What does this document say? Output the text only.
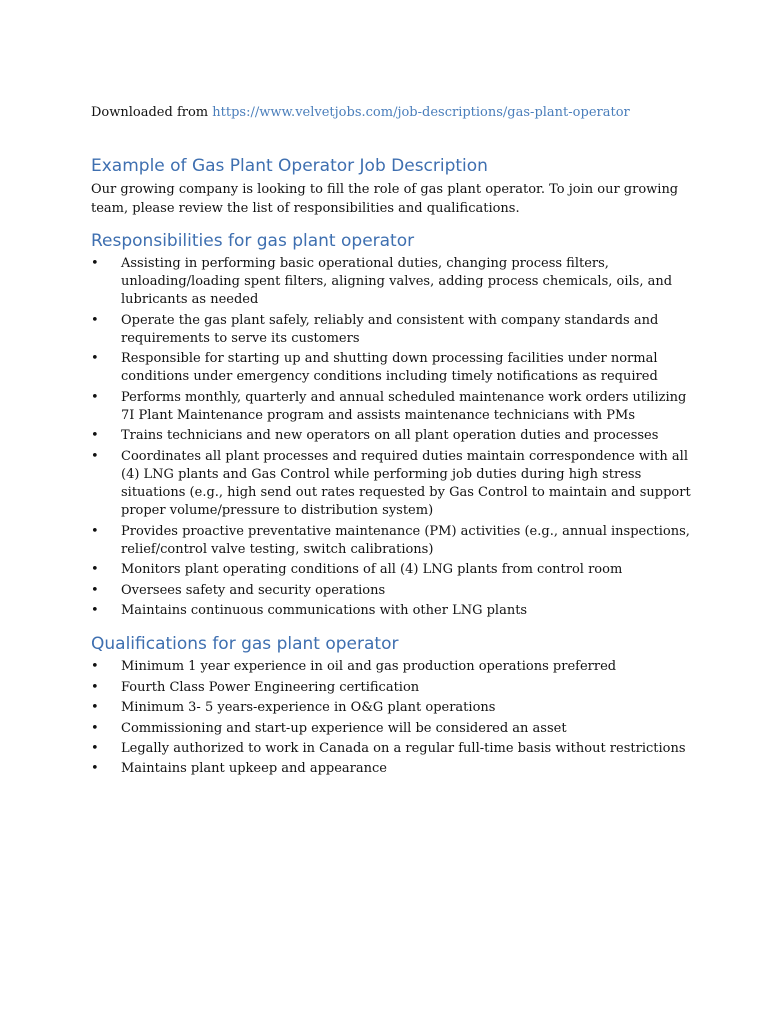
Downloaded from https://www.velvetjobs.com/job-descriptions/gas-plant-operator

Example of Gas Plant Operator Job Description

Our growing company is looking to fill the role of gas plant operator. To join our growing team, please review the list of responsibilities and qualifications.

Responsibilities for gas plant operator
• Assisting in performing basic operational duties, changing process filters, unloading/loading spent filters, aligning valves, adding process chemicals, oils, and lubricants as needed
• Operate the gas plant safely, reliably and consistent with company standards and requirements to serve its customers
• Responsible for starting up and shutting down processing facilities under normal conditions under emergency conditions including timely notifications as required
• Performs monthly, quarterly and annual scheduled maintenance work orders utilizing 7I Plant Maintenance program and assists maintenance technicians with PMs
• Trains technicians and new operators on all plant operation duties and processes
• Coordinates all plant processes and required duties maintain correspondence with all (4) LNG plants and Gas Control while performing job duties during high stress situations (e.g., high send out rates requested by Gas Control to maintain and support proper volume/pressure to distribution system)
• Provides proactive preventative maintenance (PM) activities (e.g., annual inspections, relief/control valve testing, switch calibrations)
• Monitors plant operating conditions of all (4) LNG plants from control room
• Oversees safety and security operations
• Maintains continuous communications with other LNG plants
Qualifications for gas plant operator
• Minimum 1 year experience in oil and gas production operations preferred
• Fourth Class Power Engineering certification
• Minimum 3- 5 years-experience in O&G plant operations
• Commissioning and start-up experience will be considered an asset
• Legally authorized to work in Canada on a regular full-time basis without restrictions
• Maintains plant upkeep and appearance
